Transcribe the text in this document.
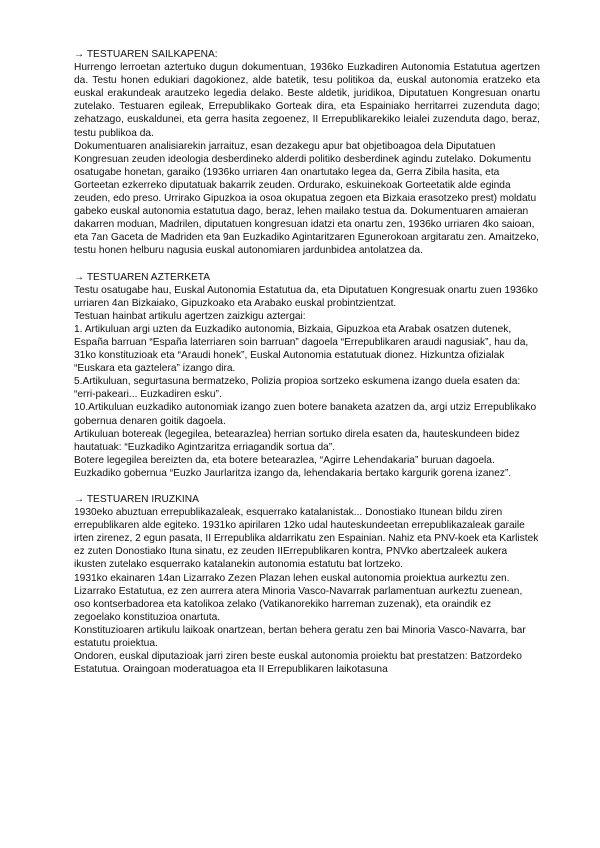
→ TESTUAREN SAILKAPENA:

Hurrengo lerroetan aztertuko dugun dokumentuan, 1936ko Euzkadiren Autonomia Estatutua agertzen da. Testu honen edukiari dagokionez, alde batetik, tesu politikoa da, euskal autonomia eratzeko eta euskal erakundeak arautzeko legedia delako. Beste aldetik, juridikoa, Diputatuen Kongresuan onartu zutelako. Testuaren egileak, Errepublikako Gorteak dira, eta Espainiako herritarrei zuzenduta dago; zehatzago, euskaldunei, eta gerra hasita zegoenez, II Errepublikarekiko leialei zuzenduta dago, beraz, testu publikoa da.

Dokumentuaren analisiarekin jarraituz, esan dezakegu apur bat objetiboagoa dela Diputatuen Kongresuan zeuden ideologia desberdineko alderdi politiko desberdinek agindu zutelako. Dokumentu osatugabe honetan, garaiko (1936ko urriaren 4an onartutako legea da, Gerra Zibila hasita, eta Gorteetan ezkerreko diputatuak bakarrik zeuden. Ordurako, eskuinekoak Gorteetatik alde eginda zeuden, edo preso. Urrirako Gipuzkoa ia osoa okupatua zegoen eta Bizkaia erasotzeko prest) moldatu gabeko euskal autonomia estatutua dago, beraz, lehen mailako testua da. Dokumentuaren amaieran dakarren moduan, Madrilen, diputatuen kongresuan idatzi eta onartu zen, 1936ko urriaren 4ko saioan, eta 7an Gaceta de Madriden eta 9an Euzkadiko Agintaritzaren Egunerokoan argitaratu zen. Amaitzeko, testu honen helburu nagusia euskal autonomiaren jardunbidea antolatzea da.

→ TESTUAREN AZTERKETA

Testu osatugabe hau, Euskal Autonomia Estatutua da, eta Diputatuen Kongresuak onartu zuen 1936ko urriaren 4an Bizkaiako, Gipuzkoako eta Arabako euskal probintzientzat.

Testuan hainbat artikulu agertzen zaizkigu aztergai:

1. Artikuluan argi uzten da Euzkadiko autonomia, Bizkaia, Gipuzkoa eta Arabak osatzen dutenek, España barruan “España laterriaren soin barruan” dagoela “Errepublikaren araudi nagusiak”, hau da, 31ko konstituzioak eta “Araudi honek”, Euskal Autonomia estatutuak dionez. Hizkuntza ofizialak “Euskara eta gaztelera” izango dira.

5.Artikuluan, segurtasuna bermatzeko, Polizia propioa sortzeko eskumena izango duela esaten da: “erri-pakeari... Euzkadiren esku”.

10.Artikuluan euzkadiko autonomiak izango zuen botere banaketa azatzen da, argi utziz Errepublikako gobernua denaren goitik dagoela.

Artikuluan botereak (legegilea, betearazlea) herrian sortuko direla esaten da, hauteskundeen bidez hautatuak: “Euzkadiko Agintzaritza erriagandik sortua da”.

Botere legegilea bereizten da, eta botere betearazlea, “Agirre Lehendakaria” buruan dagoela. Euzkadiko gobernua “Euzko Jaurlaritza izango da, lehendakaria bertako kargurik gorena izanez”.

→ TESTUAREN IRUZKINA

1930eko abuztuan errepublikazaleak, esquerrako katalanistak... Donostiako Itunean bildu ziren errepublikaren alde egiteko. 1931ko apirilaren 12ko udal hauteskundeetan errepublikazaleak garaile irten zirenez, 2 egun pasata, II Errepublika aldarrikatu zen Espainian. Nahiz eta PNV-koek eta Karlistek ez zuten Donostiako Ituna sinatu, ez zeuden IIErrepublikaren kontra, PNVko abertzaleek aukera ikusten zutelako esquerrako katalanekin autonomia estatutu bat lortzeko.

1931ko ekainaren 14an Lizarrako Zezen Plazan lehen euskal autonomia proiektua aurkeztu zen. Lizarrako Estatutua, ez zen aurrera atera Minoria Vasco-Navarrak parlamentuan aurkeztu zuenean, oso kontserbadorea eta katolikoa zelako (Vatikanorekiko harreman zuzenak), eta oraindik ez zegoelako konstituzioa onartuta.

Konstituzioaren artikulu laikoak onartzean, bertan behera geratu zen bai Minoria Vasco-Navarra, bar estatutu proiektua.

Ondoren, euskal diputazioak jarri ziren beste euskal autonomia proiektu bat prestatzen: Batzordeko Estatutua. Oraingoan moderatuagoa eta II Errepublikaren laikotasuna
